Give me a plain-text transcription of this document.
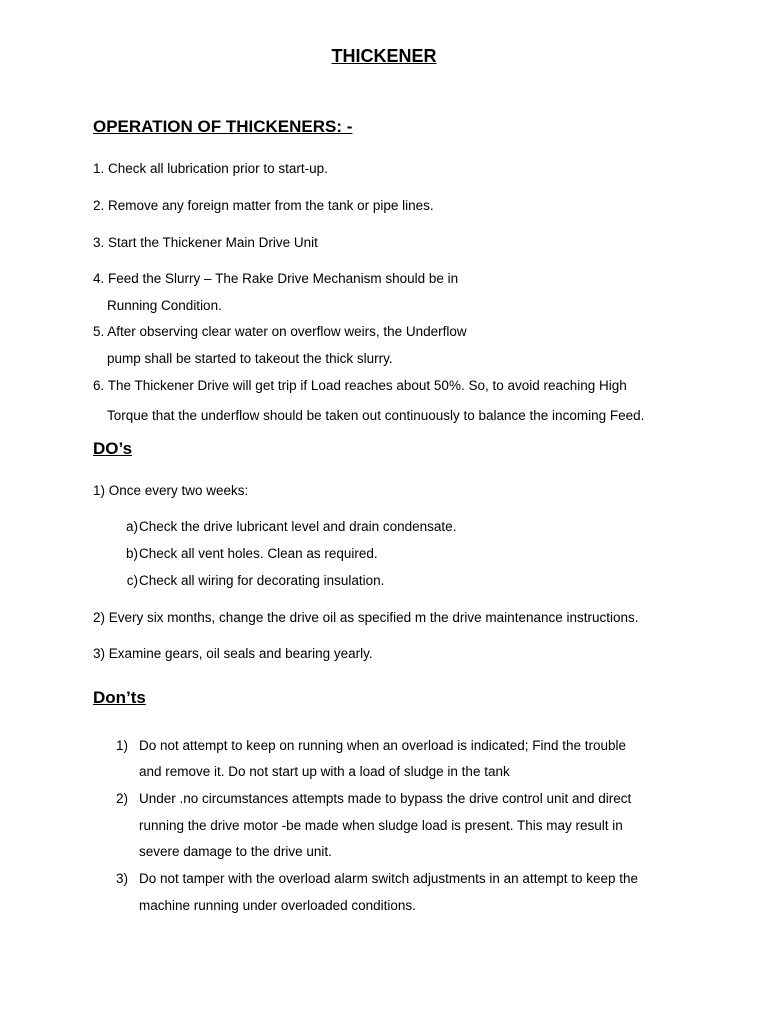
THICKENER
OPERATION OF THICKENERS: -
1. Check all lubrication prior to start-up.
2. Remove any foreign matter from the tank or pipe lines.
3. Start the Thickener Main Drive Unit
4. Feed the Slurry – The Rake Drive Mechanism should be in
Running Condition.
5. After observing clear water on overflow weirs, the Underflow
pump shall be started to takeout the thick slurry.
6. The Thickener Drive will get trip if Load reaches about 50%. So, to avoid reaching High
Torque that the underflow should be taken out continuously to balance the incoming Feed.
DO’s
1) Once every two weeks:
a) Check the drive lubricant level and drain condensate.
b) Check all vent holes. Clean as required.
c) Check all wiring for decorating insulation.
2) Every six months, change the drive oil as specified m the drive maintenance instructions.
3) Examine gears, oil seals and bearing yearly.
Don’ts
1) Do not attempt to keep on running when an overload is indicated; Find the trouble
and remove it. Do not start up with a load of sludge in the tank
2) Under .no circumstances attempts made to bypass the drive control unit and direct
running the drive motor -be made when sludge load is present. This may result in
severe damage to the drive unit.
3) Do not tamper with the overload alarm switch adjustments in an attempt to keep the
machine running under overloaded conditions.
